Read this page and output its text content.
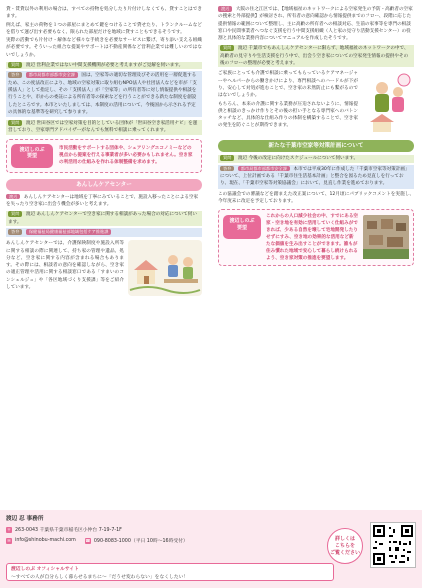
貸・賃貸以外の利用の場合は、すべての持物を処分したり片付けしなくても、貸すことはできます。

例えば、家主の荷物を１つの部屋にまとめて鍵をつけることで貸せたり、トランクルームなどを借りて運び出す必要もなく、限られた部屋だけを地域に貸すこともできるそうです。

実際の活動でも片付け・解体など様々な手続きを必要なサービスに繋げ、寄り添い支える組織が必要です。そういった組合な提案やサポートは不動産関係など営利企業では難しいのではないでしょうか。

質問 渡辺 営利企業ではない中間支援機関が必要と考えますがご見解を伺います。
答弁 都市局都市部都市安全課 国は、空家等の適切な管理及びその活用を一層促進するため、この度法改正により、地域の空家対策に取り組むNPO法人や社団法人などを市が「支援法人」として指定し、その「支援法人」が「空家等」の所有者等に対し情報提供や相談を行うことや、市からの委託による所有者等の探索などを行うことができる新たな制度を創設したところです。本市といたしましては、本制度の活用について、今後国から示される予定の具体的な基準等を研究して参ります。
質問 渡辺 世田谷区では空家対策を目的としている団体が「世田谷空き家活用ナビ」を運営しており、空家専門アドバイザーがなんでも無料で相談に乗ってくれます。
渡辺しのぶ
要望
市民活動をサポートする団体や、シェアリングエコノミーなどの視点から提案を行える事業者が多い必要かもしれません。空き家の利活用の仕組みを作れる体制整備を求めます。
あんしんケアセンター
渡辺 あんしんケアセンターは地域を丁寧にみていることで、施設入移ったことによる空家を失ったり空き家に出会う機会が多いと考えます。
質問 渡辺 あんしんケアセンターで空き家に関する相談があった場合の対応について伺います。
答弁 保健福祉局健康福祉部地域包括ケア推進課

あんしんケアセンターでは、介護保険制度や施設入所等に関する相談の際に関連して、持ち家の管理や遺品、処分など、空き家に関する内容が含まれる場合もあります。その際には、相談者の意向を確認しながら、空き家の適正管理や活用に関する相談窓口である「すまいのコンシェルジュ」や「各区地域づくり支援課」等をご紹介しています。

渡辺 大阪の住之江区では、【地域福祉のネットワークによる空家発生の予防・高齢者の空家の捜索と外部提供】が検討され、所有者の意向確認から情報提供までのフロー、段階に応じた提供情報の範囲について整理し、主に高齢の所有者への相談対応、生前の家事等を専門の相談窓口や民間事業者へつなぐ支援を行う中間支援組織（人と家の見守り活動支援センター）の役割と具体的な業務内容についてマニュアルを作成したそうです。
質問 渡辺 千葉市でもあんしんケアセンターに限らず、地域福祉のネットワークの中で、高齢者の見守りや生活支援を行う中で、出会う空き家についての空家発生情報の提供やその後のフローの整理が必要と考えます。

ご家族にとっても介護で相談に乗ってもらっているケアマネージャーやヘルパーからの働きかけにより、専門相談へのハードルが下がり、安心して対処が進むことで、空き家の未然防止にも繋がるのではないでしょうか。

もちろん、本来の介護に関する業務が圧迫されないように、情報提供と相談のきっかけ作りとその後の担い手となる専門家へのバトンタッチなど、具体的な仕組み作りの体制を構築することで、空き家の発生を防ぐことが期待できます。

新たな千葉市空家等対策計画について
質問 渡辺 今後の改定に向けたスケジュールについて伺います。
答弁 都市局都市部都市安全課 本市では平成30年に作成した「千葉市空家等対策計画」について、上位計画である「千葉市住生活基本計画」と整合を図るため見直しを行っており、現在、「千葉市空家等対策協議会」において、見直し作業を進めております。

この協議会での審議などを踏まえた改正案について、12月頃にパブリックコメントを実施し、今年度末に改定を予定しております。

渡辺しのぶ
要望
これからの人口減少社会の中、すでにある空家・空き地を有効に活用していく仕組みができれば、少ある自然を壊して宅地開発したりせずにすみ、空き地の効果的な活用など新たな価値を生み出すことができます。誰もが住み慣れた地域で安心して暮らし続けられるよう、空き家対策の推進を要望します。
渡辺 忍 事務所
〒 263-0043 千葉県千葉市稲毛区小仲台 7-19-7-1F
✉ info@shinobu-machi.com ☎ 090-8083-1000（平日 10時～16時受付）
渡辺しのぶ オフィシャルサイト
～すべての人が自分らしく暮らせるまちに～「だうせ変わらない」をなくしたい！
詳しくは
こちらを
ご覧ください
